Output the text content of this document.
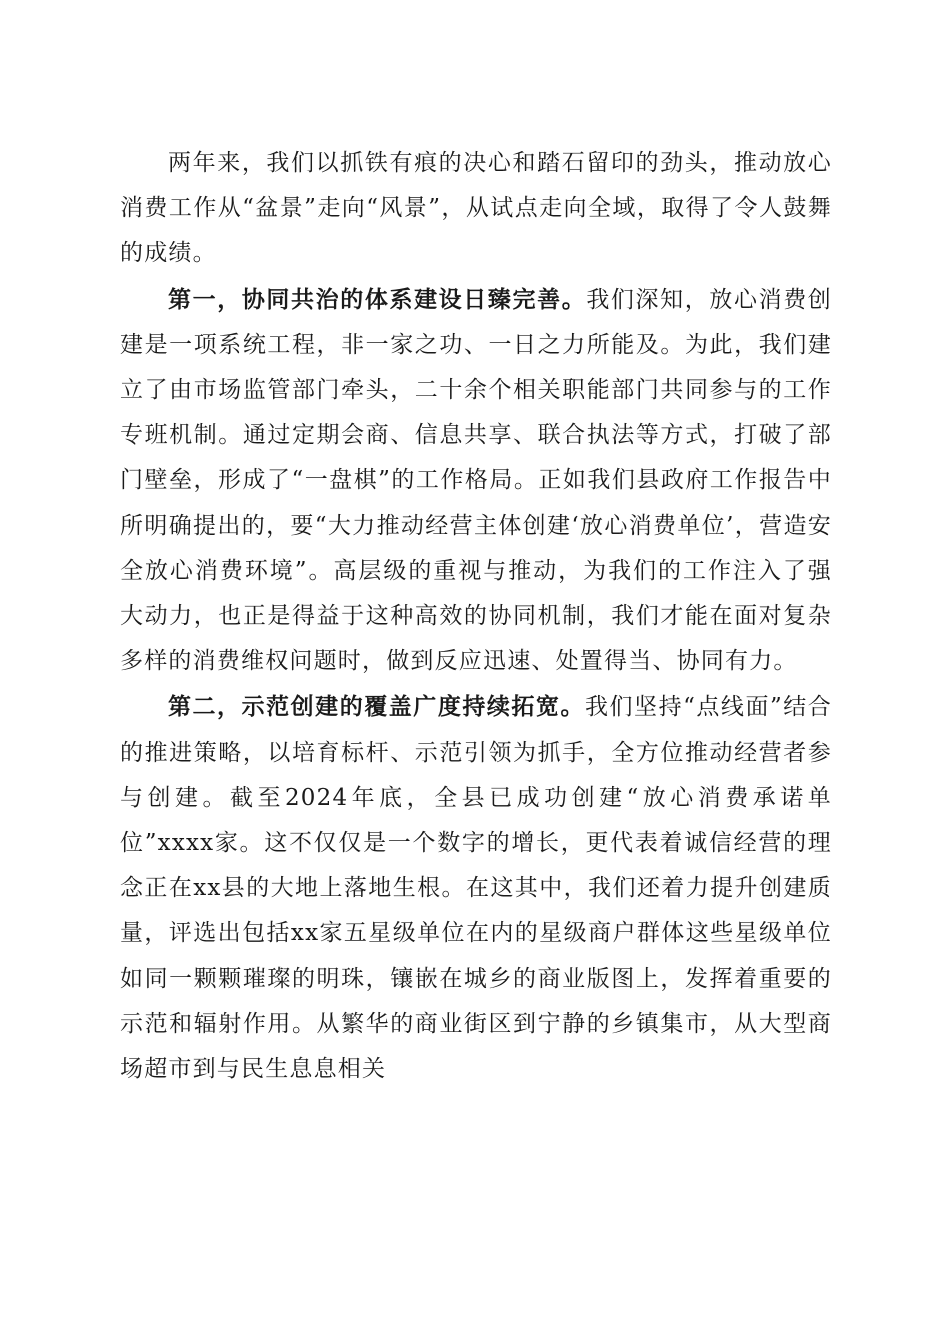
两年来，我们以抓铁有痕的决心和踏石留印的劲头，推动放心消费工作从“盆景”走向“风景”，从试点走向全域，取得了令人鼓舞的成绩。

第一，协同共治的体系建设日臻完善。我们深知，放心消费创建是一项系统工程，非一家之功、一日之力所能及。为此，我们建立了由市场监管部门牵头，二十余个相关职能部门共同参与的工作专班机制。通过定期会商、信息共享、联合执法等方式，打破了部门壁垒，形成了“一盘棋”的工作格局。正如我们县政府工作报告中所明确提出的，要“大力推动经营主体创建‘放心消费单位’，营造安全放心消费环境”。高层级的重视与推动，为我们的工作注入了强大动力，也正是得益于这种高效的协同机制，我们才能在面对复杂多样的消费维权问题时，做到反应迅速、处置得当、协同有力。

第二，示范创建的覆盖广度持续拓宽。我们坚持“点线面”结合的推进策略，以培育标杆、示范引领为抓手，全方位推动经营者参与创建。截至2024年底，全县已成功创建“放心消费承诺单位”xxxx家。这不仅仅是一个数字的增长，更代表着诚信经营的理念正在xx县的大地上落地生根。在这其中，我们还着力提升创建质量，评选出包括xx家五星级单位在内的星级商户群体这些星级单位如同一颗颗璀璨的明珠，镶嵌在城乡的商业版图上，发挥着重要的示范和辐射作用。从繁华的商业街区到宁静的乡镇集市，从大型商场超市到与民生息息相关
